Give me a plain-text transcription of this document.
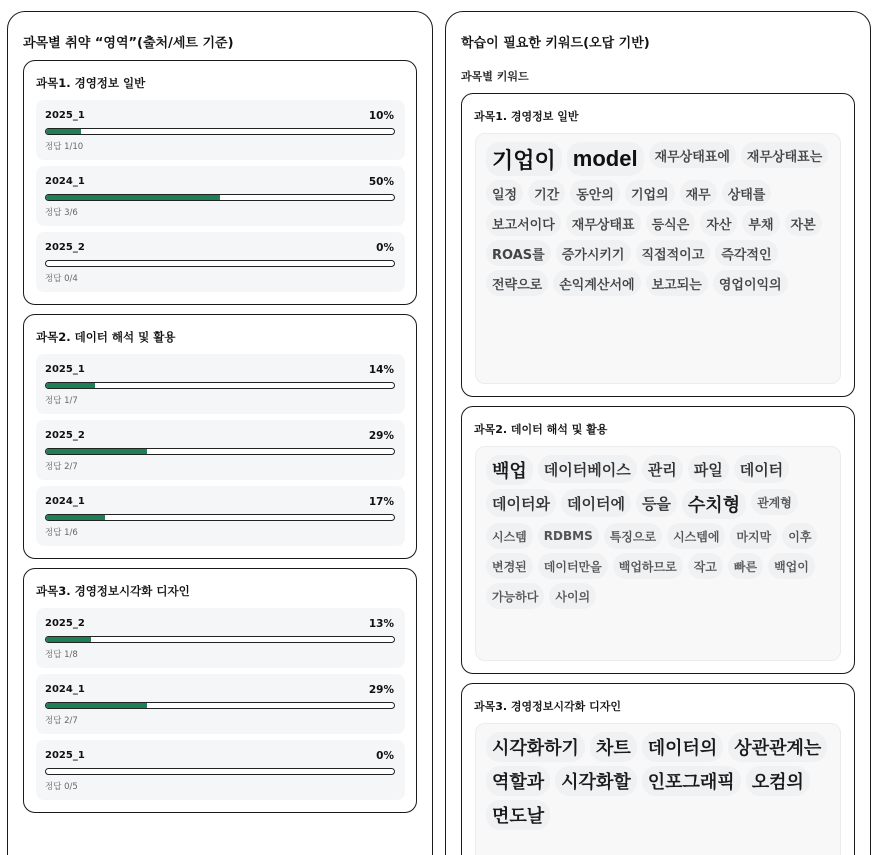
과목별 취약 “영역”(출처/세트 기준)
과목1. 경영정보 일반
2025_1	10%
정답 1/10
2024_1	50%
정답 3/6
2025_2	0%
정답 0/4
과목2. 데이터 해석 및 활용
2025_1	14%
정답 1/7
2025_2	29%
정답 2/7
2024_1	17%
정답 1/6
과목3. 경영정보시각화 디자인
2025_2	13%
정답 1/8
2024_1	29%
정답 2/7
2025_1	0%
정답 0/5
학습이 필요한 키워드(오답 기반)
과목별 키워드
과목1. 경영정보 일반
기업이 model	재무상태표에	재무상태표는
일정	기간	동안의	기업의	재무	상태를
보고서이다	재무상태표	등식은	자산	부채	자본
ROAS를	증가시키기	직접적이고	즉각적인
전략으로	손익계산서에	보고되는	영업이익의
과목2. 데이터 해석 및 활용
백업	데이터베이스	관리	파일	데이터
데이터와	데이터에	등을 수치형	관계형
시스템	RDBMS	특징으로	시스템에	마지막	이후
변경된	데이터만을	백업하므로	작고	빠른	백업이
가능하다	사이의
과목3. 경영정보시각화 디자인
시각화하기 차트 데이터의 상관관계는
역할과 시각화할 인포그래픽 오컴의
면도날
